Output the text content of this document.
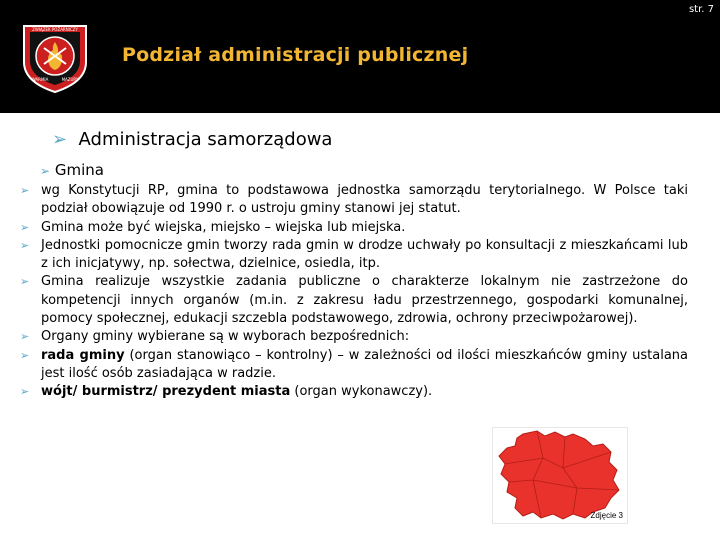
str. 7
ZWIĄZEK POŻARNICZY
WARMIA	MAZURY
Podział administracji publicznej
➢ Administracja samorządowa
➢ Gmina
➢ wg Konstytucji RP, gmina to podstawowa jednostka samorządu terytorialnego. W Polsce taki podział obowiązuje od 1990 r. o ustroju gminy stanowi jej statut.
➢ Gmina może być wiejska, miejsko – wiejska lub miejska.
➢ Jednostki pomocnicze gmin tworzy rada gmin w drodze uchwały po konsultacji z mieszkańcami lub z ich inicjatywy, np. sołectwa, dzielnice, osiedla, itp.
➢ Gmina realizuje wszystkie zadania publiczne o charakterze lokalnym nie zastrzeżone do kompetencji innych organów (m.in. z zakresu ładu przestrzennego, gospodarki komunalnej, pomocy społecznej, edukacji szczebla podstawowego, zdrowia, ochrony przeciwpożarowej).
➢ Organy gminy wybierane są w wyborach bezpośrednich:
➢ rada gminy (organ stanowiąco – kontrolny) – w zależności od ilości mieszkańców gminy ustalana jest ilość osób zasiadająca w radzie.
➢ wójt/ burmistrz/ prezydent miasta (organ wykonawczy).
Zdjęcie 3
